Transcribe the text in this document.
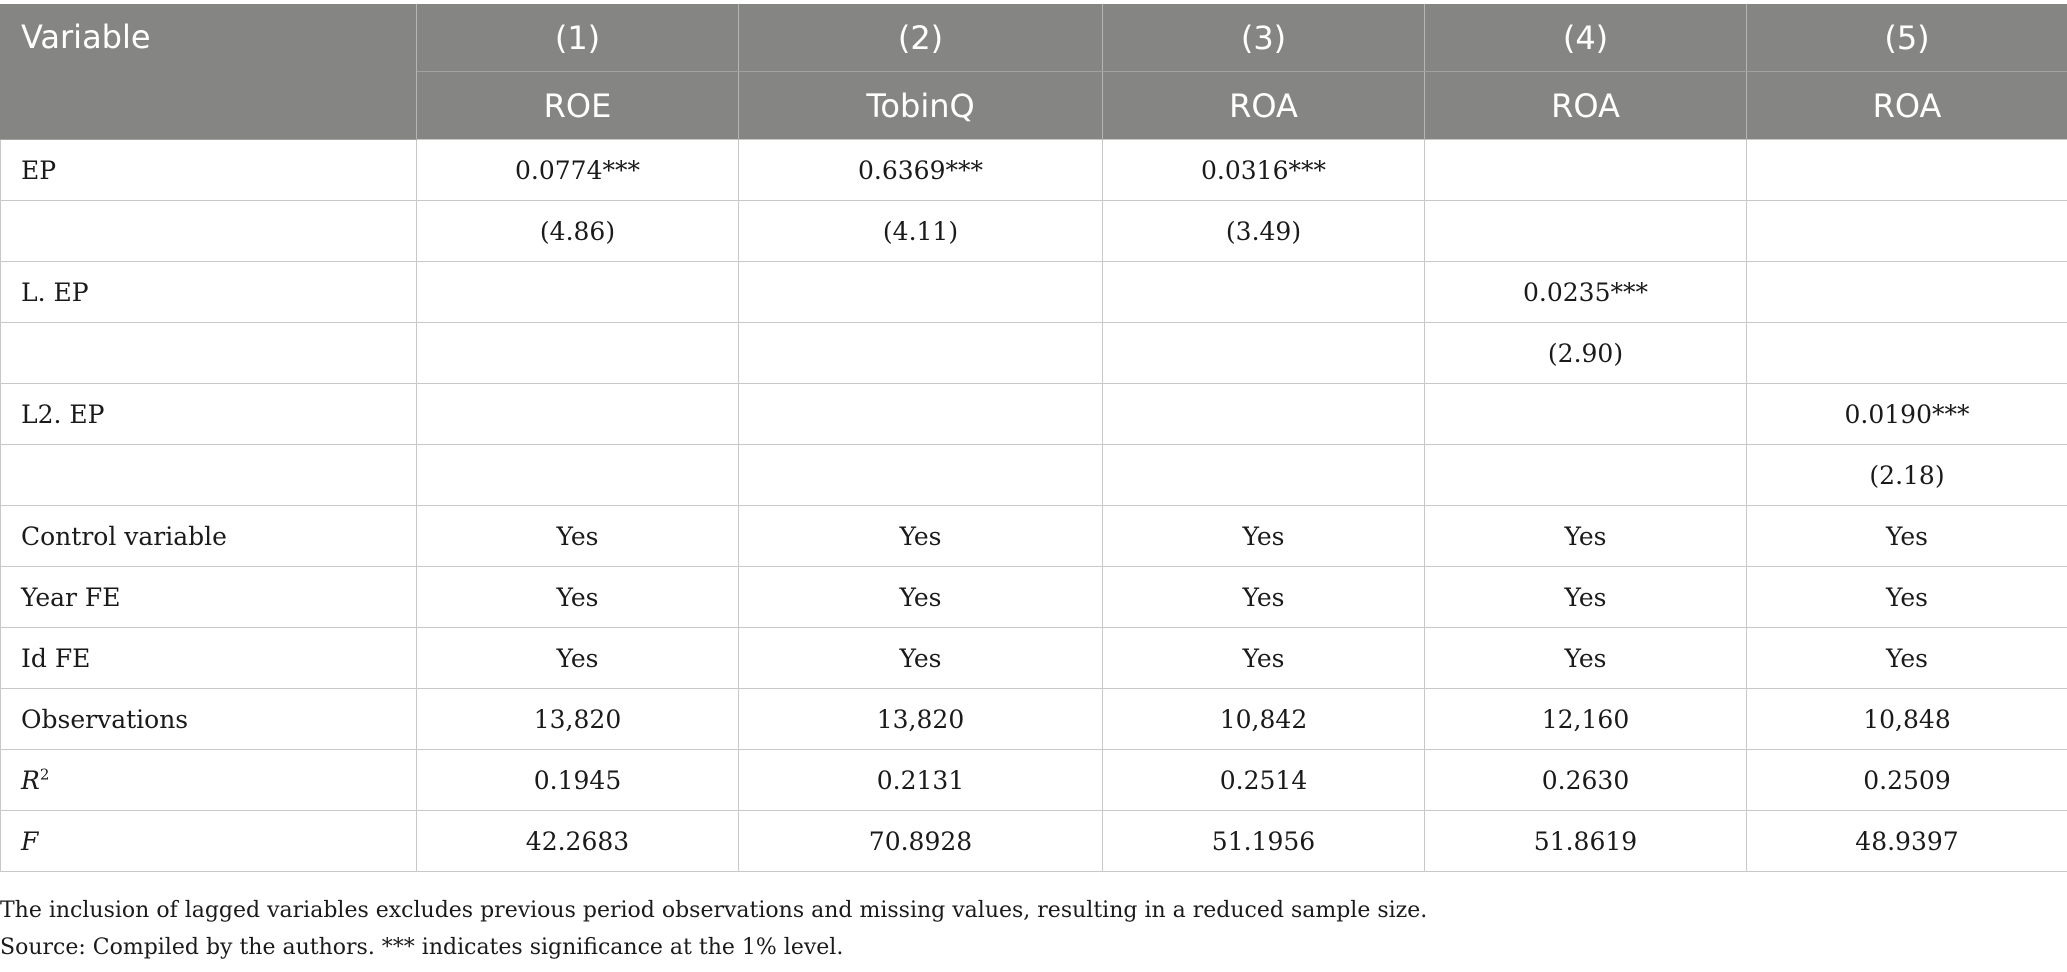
Variable	(1)	(2)	(3)	(4)	(5)
	ROE	TobinQ	ROA	ROA	ROA
EP	0.0774***	0.6369***	0.0316***		
	(4.86)	(4.11)	(3.49)		
L. EP				0.0235***	
				(2.90)	
L2. EP					0.0190***
					(2.18)
Control variable	Yes	Yes	Yes	Yes	Yes
Year FE	Yes	Yes	Yes	Yes	Yes
Id FE	Yes	Yes	Yes	Yes	Yes
Observations	13,820	13,820	10,842	12,160	10,848
$R^2$	0.1945	0.2131	0.2514	0.2630	0.2509
F	42.2683	70.8928	51.1956	51.8619	48.9397
The inclusion of lagged variables excludes previous period observations and missing values, resulting in a reduced sample size.
Source: Compiled by the authors. *** indicates significance at the 1% level.
